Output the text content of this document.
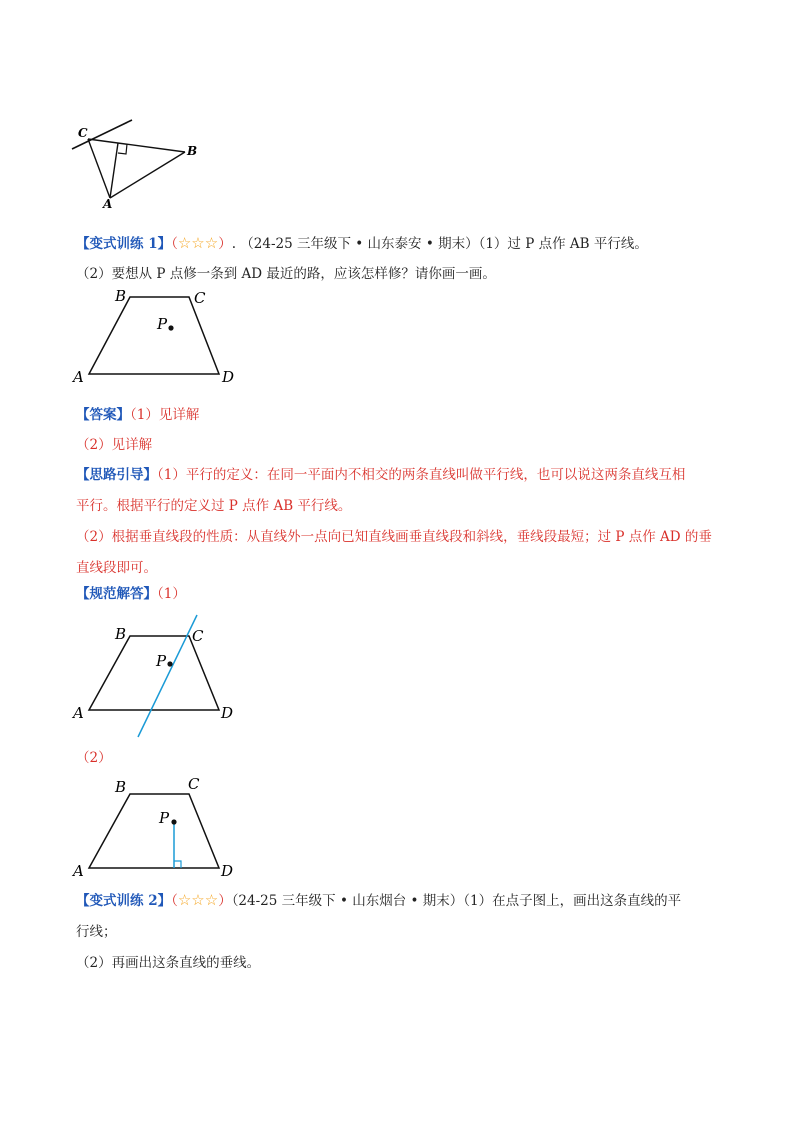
C
B
A
【变式训练 1】（☆☆☆）. （24-25 三年级下 • 山东泰安 • 期末）（1）过 P 点作 AB 平行线。
（2）要想从 P 点修一条到 AD 最近的路，应该怎样修？请你画一画。
B	C
P
A	D
【答案】（1）见详解
（2）见详解
【思路引导】（1）平行的定义：在同一平面内不相交的两条直线叫做平行线，也可以说这两条直线互相
平行。根据平行的定义过 P 点作 AB 平行线。
（2）根据垂直线段的性质：从直线外一点向已知直线画垂直线段和斜线，垂线段最短；过 P 点作 AD 的垂
直线段即可。
【规范解答】（1）
B	C
P
A	D
（2）
B	C
P
A	D
【变式训练 2】（☆☆☆）（24-25 三年级下 • 山东烟台 • 期末）（1）在点子图上，画出这条直线的平
行线；
（2）再画出这条直线的垂线。
